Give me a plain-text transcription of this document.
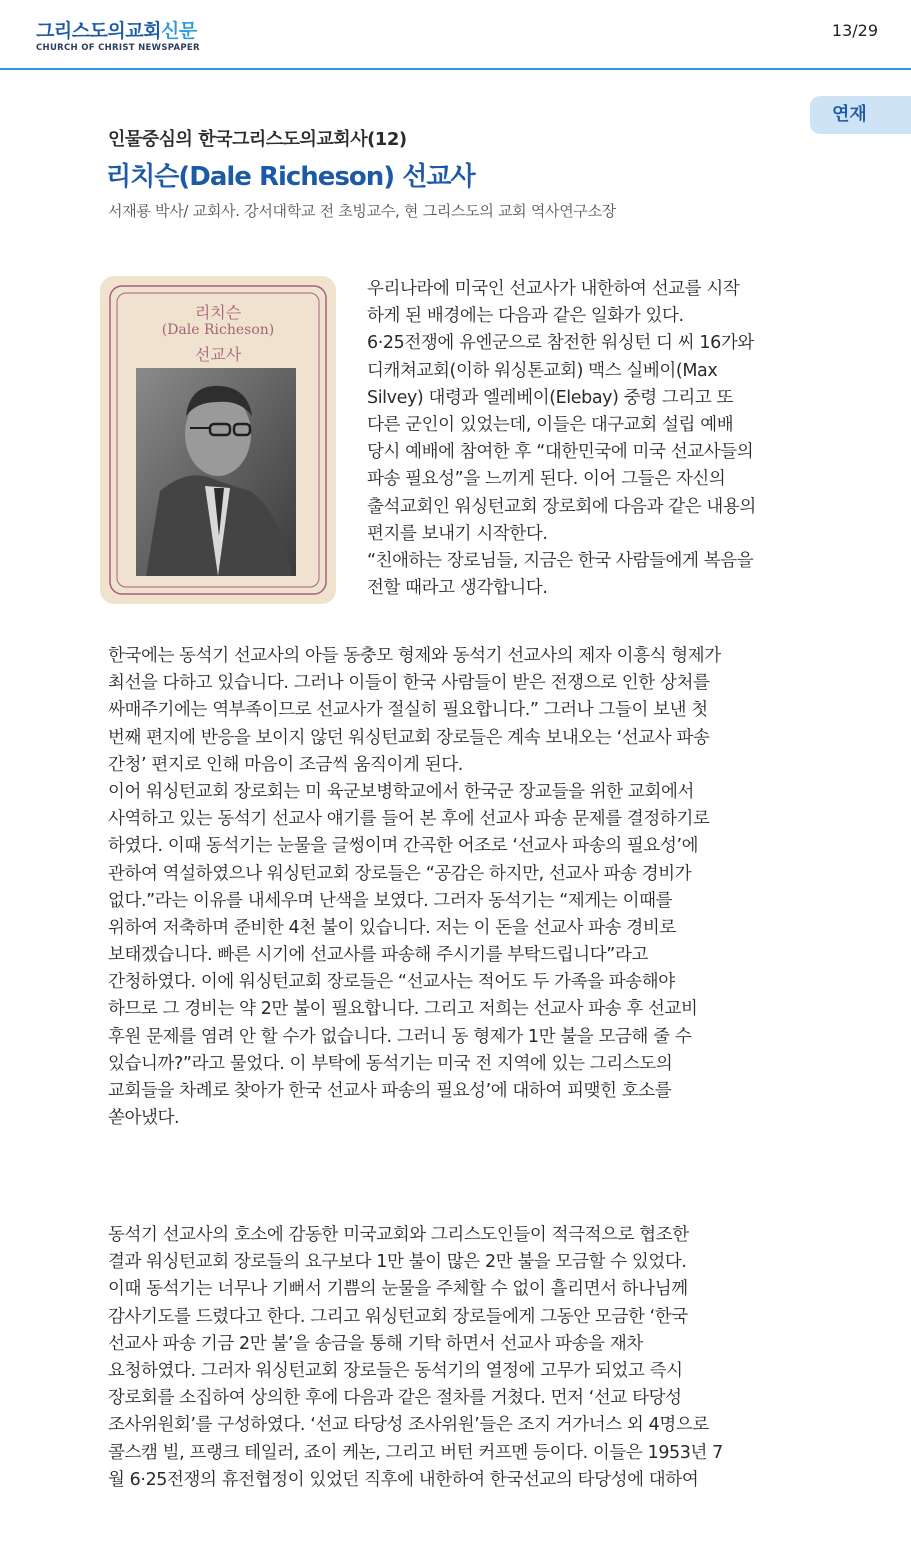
그리스도의교회신문
CHURCH OF CHRIST NEWSPAPER
13/29
연재
인물중심의 한국그리스도의교회사(12)
리치슨(Dale Richeson) 선교사
서재룡 박사/ 교회사. 강서대학교 전 초빙교수, 현 그리스도의 교회 역사연구소장
리치슨
(Dale Richeson)
선교사
우리나라에 미국인 선교사가 내한하여 선교를 시작
하게 된 배경에는 다음과 같은 일화가 있다.
6·25전쟁에 유엔군으로 참전한 워싱턴 디 씨 16가와
디캐쳐교회(이하 워싱톤교회) 맥스 실베이(Max
Silvey) 대령과 엘레베이(Elebay) 중령 그리고 또
다른 군인이 있었는데, 이들은 대구교회 설립 예배
당시 예배에 참여한 후 “대한민국에 미국 선교사들의
파송 필요성”을 느끼게 된다. 이어 그들은 자신의
출석교회인 워싱턴교회 장로회에 다음과 같은 내용의
편지를 보내기 시작한다.
“친애하는 장로님들, 지금은 한국 사람들에게 복음을
전할 때라고 생각합니다.
한국에는 동석기 선교사의 아들 동충모 형제와 동석기 선교사의 제자 이흥식 형제가
최선을 다하고 있습니다. 그러나 이들이 한국 사람들이 받은 전쟁으로 인한 상처를
싸매주기에는 역부족이므로 선교사가 절실히 필요합니다.” 그러나 그들이 보낸 첫
번째 편지에 반응을 보이지 않던 워싱턴교회 장로들은 계속 보내오는 ‘선교사 파송
간청’ 편지로 인해 마음이 조금씩 움직이게 된다.
이어 워싱턴교회 장로회는 미 육군보병학교에서 한국군 장교들을 위한 교회에서
사역하고 있는 동석기 선교사 얘기를 들어 본 후에 선교사 파송 문제를 결정하기로
하였다. 이때 동석기는 눈물을 글썽이며 간곡한 어조로 ‘선교사 파송의 필요성’에
관하여 역설하였으나 워싱턴교회 장로들은 “공감은 하지만, 선교사 파송 경비가
없다.”라는 이유를 내세우며 난색을 보였다. 그러자 동석기는 “제게는 이때를
위하여 저축하며 준비한 4천 불이 있습니다. 저는 이 돈을 선교사 파송 경비로
보태겠습니다. 빠른 시기에 선교사를 파송해 주시기를 부탁드립니다”라고
간청하였다. 이에 워싱턴교회 장로들은 “선교사는 적어도 두 가족을 파송해야
하므로 그 경비는 약 2만 불이 필요합니다. 그리고 저희는 선교사 파송 후 선교비
후원 문제를 염려 안 할 수가 없습니다. 그러니 동 형제가 1만 불을 모금해 줄 수
있습니까?”라고 물었다. 이 부탁에 동석기는 미국 전 지역에 있는 그리스도의
교회들을 차례로 찾아가 한국 선교사 파송의 필요성’에 대하여 피맺힌 호소를
쏟아냈다.
동석기 선교사의 호소에 감동한 미국교회와 그리스도인들이 적극적으로 협조한
결과 워싱턴교회 장로들의 요구보다 1만 불이 많은 2만 불을 모금할 수 있었다.
이때 동석기는 너무나 기뻐서 기쁨의 눈물을 주체할 수 없이 흘리면서 하나님께
감사기도를 드렸다고 한다. 그리고 워싱턴교회 장로들에게 그동안 모금한 ‘한국
선교사 파송 기금 2만 불’을 송금을 통해 기탁 하면서 선교사 파송을 재차
요청하였다. 그러자 워싱턴교회 장로들은 동석기의 열정에 고무가 되었고 즉시
장로회를 소집하여 상의한 후에 다음과 같은 절차를 거쳤다. 먼저 ‘선교 타당성
조사위원회’를 구성하였다. ‘선교 타당성 조사위원’들은 조지 거가너스 외 4명으로
콜스캠 빌, 프랭크 테일러, 죠이 케논, 그리고 버턴 커프멘 등이다. 이들은 1953년 7
월 6·25전쟁의 휴전협정이 있었던 직후에 내한하여 한국선교의 타당성에 대하여
